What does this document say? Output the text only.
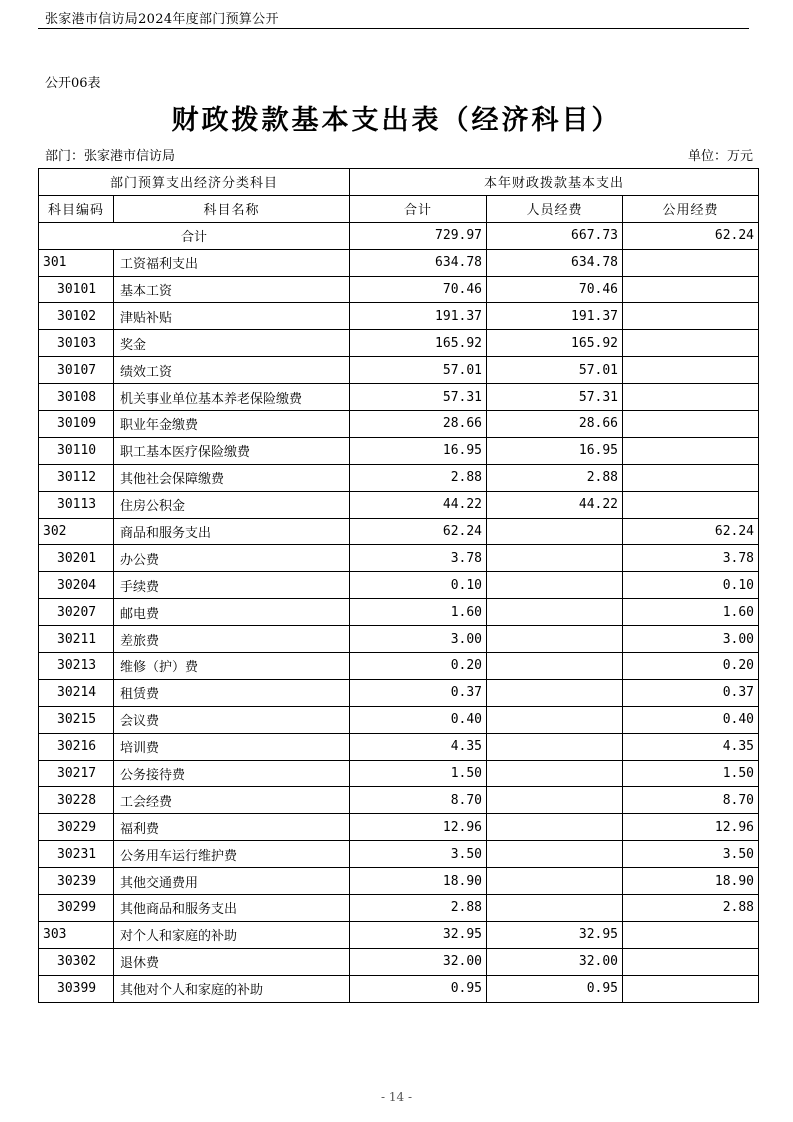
张家港市信访局2024年度部门预算公开
公开06表
财政拨款基本支出表（经济科目）
部门：张家港市信访局	单位：万元
部门预算支出经济分类科目		本年财政拨款基本支出		
科目编码	科目名称	合计	人员经费	公用经费
合计		729.97	667.73	62.24
301	工资福利支出	634.78	634.78	
30101	基本工资	70.46	70.46	
30102	津贴补贴	191.37	191.37	
30103	奖金	165.92	165.92	
30107	绩效工资	57.01	57.01	
30108	机关事业单位基本养老保险缴费	57.31	57.31	
30109	职业年金缴费	28.66	28.66	
30110	职工基本医疗保险缴费	16.95	16.95	
30112	其他社会保障缴费	2.88	2.88	
30113	住房公积金	44.22	44.22	
302	商品和服务支出	62.24		62.24
30201	办公费	3.78		3.78
30204	手续费	0.10		0.10
30207	邮电费	1.60		1.60
30211	差旅费	3.00		3.00
30213	维修（护）费	0.20		0.20
30214	租赁费	0.37		0.37
30215	会议费	0.40		0.40
30216	培训费	4.35		4.35
30217	公务接待费	1.50		1.50
30228	工会经费	8.70		8.70
30229	福利费	12.96		12.96
30231	公务用车运行维护费	3.50		3.50
30239	其他交通费用	18.90		18.90
30299	其他商品和服务支出	2.88		2.88
303	对个人和家庭的补助	32.95	32.95	
30302	退休费	32.00	32.00	
30399	其他对个人和家庭的补助	0.95	0.95	
- 14 -
